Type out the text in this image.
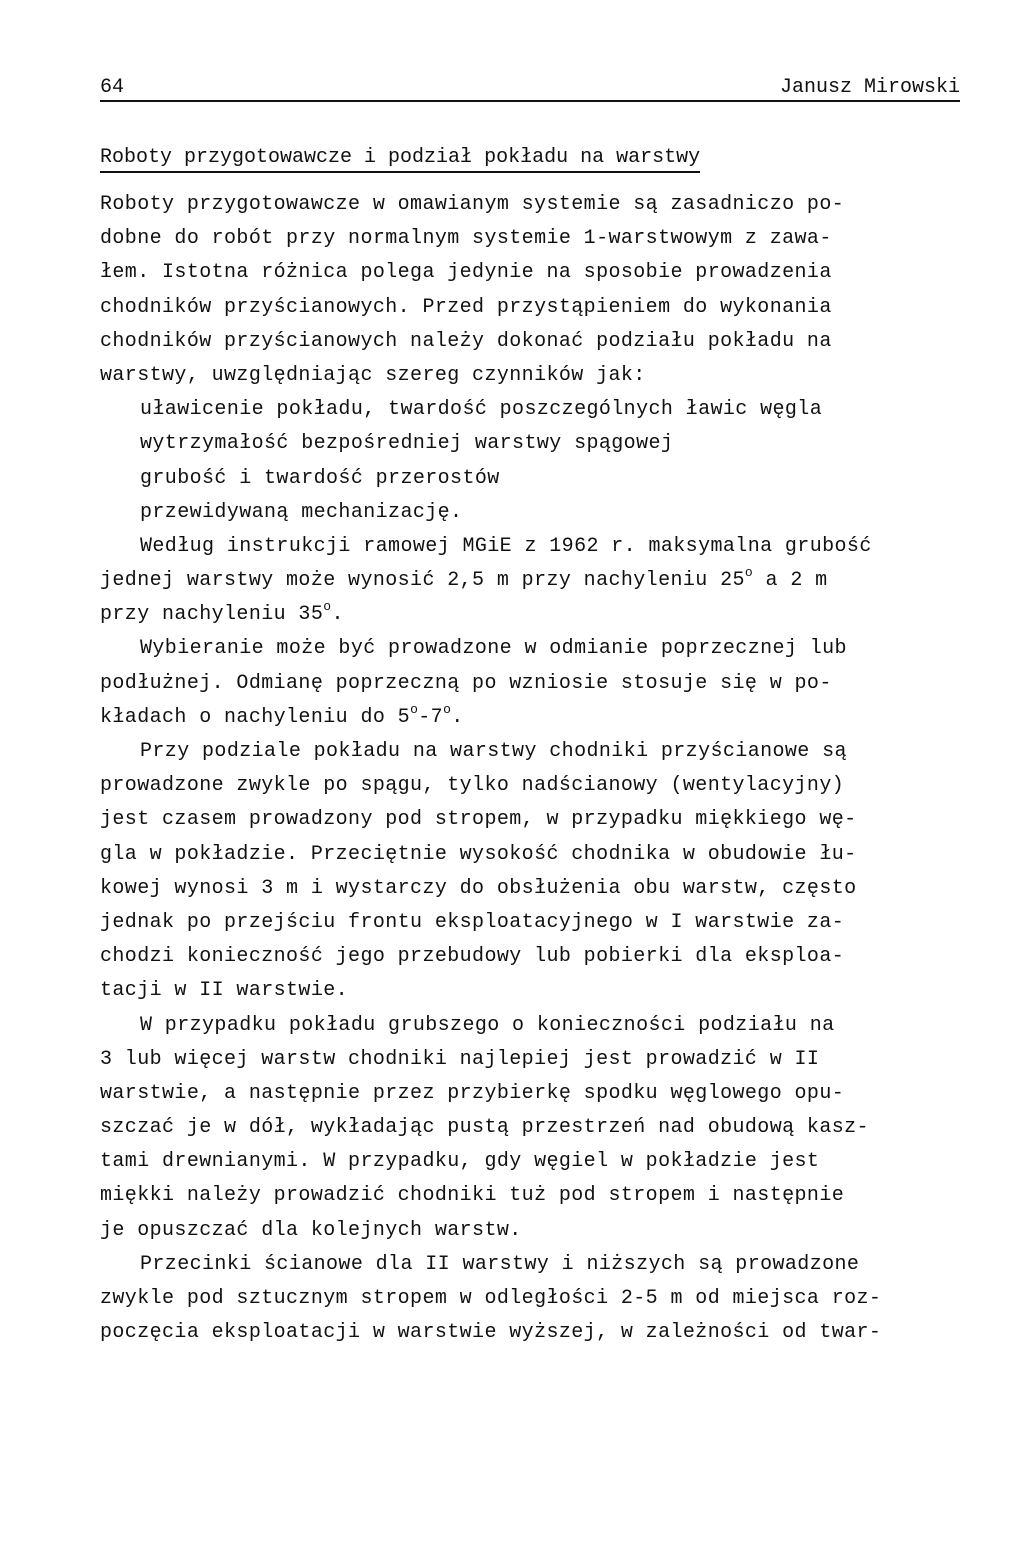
64	Janusz Mirowski
Roboty przygotowawcze i podział pokładu na warstwy
Roboty przygotowawcze w omawianym systemie są zasadniczo po-
dobne do robót przy normalnym systemie 1-warstwowym z zawa-
łem. Istotna różnica polega jedynie na sposobie prowadzenia
chodników przyścianowych. Przed przystąpieniem do wykonania
chodników przyścianowych należy dokonać podziału pokładu na
warstwy, uwzględniając szereg czynników jak:
uławicenie pokładu, twardość poszczególnych ławic węgla
wytrzymałość bezpośredniej warstwy spągowej
grubość i twardość przerostów
przewidywaną mechanizację.
Według instrukcji ramowej MGiE z 1962 r. maksymalna grubość
jednej warstwy może wynosić 2,5 m przy nachyleniu 25$^o$ a 2 m
przy nachyleniu 35$^o$.
Wybieranie może być prowadzone w odmianie poprzecznej lub
podłużnej. Odmianę poprzeczną po wzniosie stosuje się w po-
kładach o nachyleniu do 5$^o$-7$^o$.
Przy podziale pokładu na warstwy chodniki przyścianowe są
prowadzone zwykle po spągu, tylko nadścianowy (wentylacyjny)
jest czasem prowadzony pod stropem, w przypadku miękkiego wę-
gla w pokładzie. Przeciętnie wysokość chodnika w obudowie łu-
kowej wynosi 3 m i wystarczy do obsłużenia obu warstw, często
jednak po przejściu frontu eksploatacyjnego w I warstwie za-
chodzi konieczność jego przebudowy lub pobierki dla eksploa-
tacji w II warstwie.
W przypadku pokładu grubszego o konieczności podziału na
3 lub więcej warstw chodniki najlepiej jest prowadzić w II
warstwie, a następnie przez przybierkę spodku węglowego opu-
szczać je w dół, wykładając pustą przestrzeń nad obudową kasz-
tami drewnianymi. W przypadku, gdy węgiel w pokładzie jest
miękki należy prowadzić chodniki tuż pod stropem i następnie
je opuszczać dla kolejnych warstw.
Przecinki ścianowe dla II warstwy i niższych są prowadzone
zwykle pod sztucznym stropem w odległości 2-5 m od miejsca roz-
poczęcia eksploatacji w warstwie wyższej, w zależności od twar-
